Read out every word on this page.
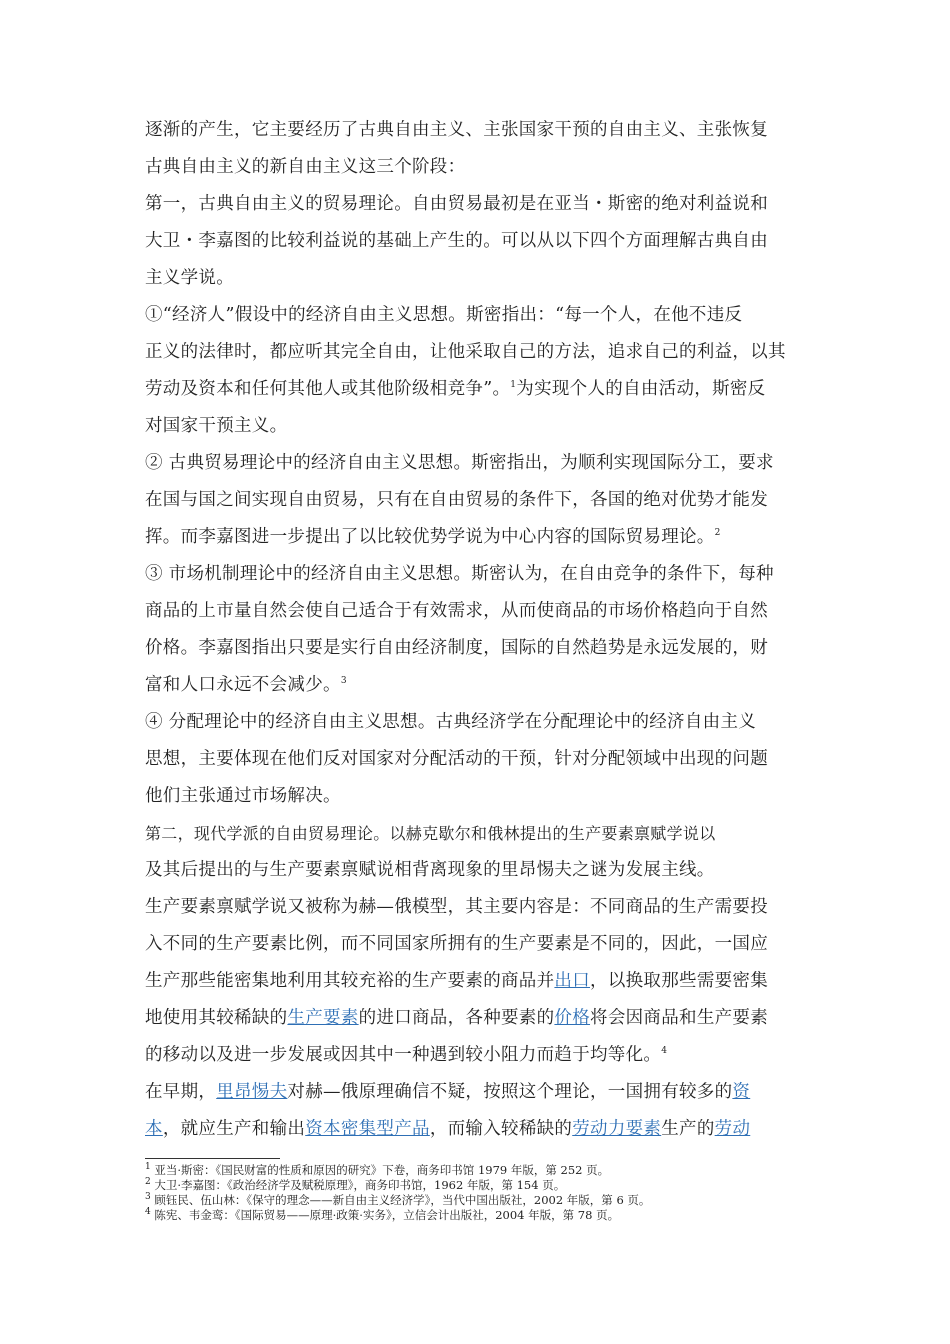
逐渐的产生，它主要经历了古典自由主义、主张国家干预的自由主义、主张恢复
古典自由主义的新自由主义这三个阶段：
第一，古典自由主义的贸易理论。自由贸易最初是在亚当・斯密的绝对利益说和
大卫・李嘉图的比较利益说的基础上产生的。可以从以下四个方面理解古典自由
主义学说。
①“经济人”假设中的经济自由主义思想。斯密指出：“每一个人，在他不违反
正义的法律时，都应听其完全自由，让他采取自己的方法，追求自己的利益，以其
劳动及资本和任何其他人或其他阶级相竞争”。$^1$为实现个人的自由活动，斯密反
对国家干预主义。
② 古典贸易理论中的经济自由主义思想。斯密指出，为顺利实现国际分工，要求
在国与国之间实现自由贸易，只有在自由贸易的条件下，各国的绝对优势才能发
挥。而李嘉图进一步提出了以比较优势学说为中心内容的国际贸易理论。$^2$
③ 市场机制理论中的经济自由主义思想。斯密认为，在自由竞争的条件下，每种
商品的上市量自然会使自己适合于有效需求，从而使商品的市场价格趋向于自然
价格。李嘉图指出只要是实行自由经济制度，国际的自然趋势是永远发展的，财
富和人口永远不会减少。$^3$
④ 分配理论中的经济自由主义思想。古典经济学在分配理论中的经济自由主义
思想，主要体现在他们反对国家对分配活动的干预，针对分配领域中出现的问题
他们主张通过市场解决。
第二，现代学派的自由贸易理论。以赫克歇尔和俄林提出的生产要素禀赋学说以
及其后提出的与生产要素禀赋说相背离现象的里昂惕夫之谜为发展主线。
生产要素禀赋学说又被称为赫—俄模型，其主要内容是：不同商品的生产需要投
入不同的生产要素比例，而不同国家所拥有的生产要素是不同的，因此，一国应
生产那些能密集地利用其较充裕的生产要素的商品并出口，以换取那些需要密集
地使用其较稀缺的生产要素的进口商品，各种要素的价格将会因商品和生产要素
的移动以及进一步发展或因其中一种遇到较小阻力而趋于均等化。$^4$
在早期，里昂惕夫对赫—俄原理确信不疑，按照这个理论，一国拥有较多的资
本，就应生产和输出资本密集型产品，而输入较稀缺的劳动力要素生产的劳动
$^1$ 亚当·斯密：《国民财富的性质和原因的研究》下卷，商务印书馆 1979 年版，第 252 页。
$^2$ 大卫·李嘉图：《政治经济学及赋税原理》，商务印书馆，1962 年版，第 154 页。
$^3$ 顾钰民、伍山林：《保守的理念——新自由主义经济学》，当代中国出版社，2002 年版，第 6 页。
$^4$ 陈宪、韦金鸾：《国际贸易——原理·政策·实务》，立信会计出版社，2004 年版，第 78 页。
